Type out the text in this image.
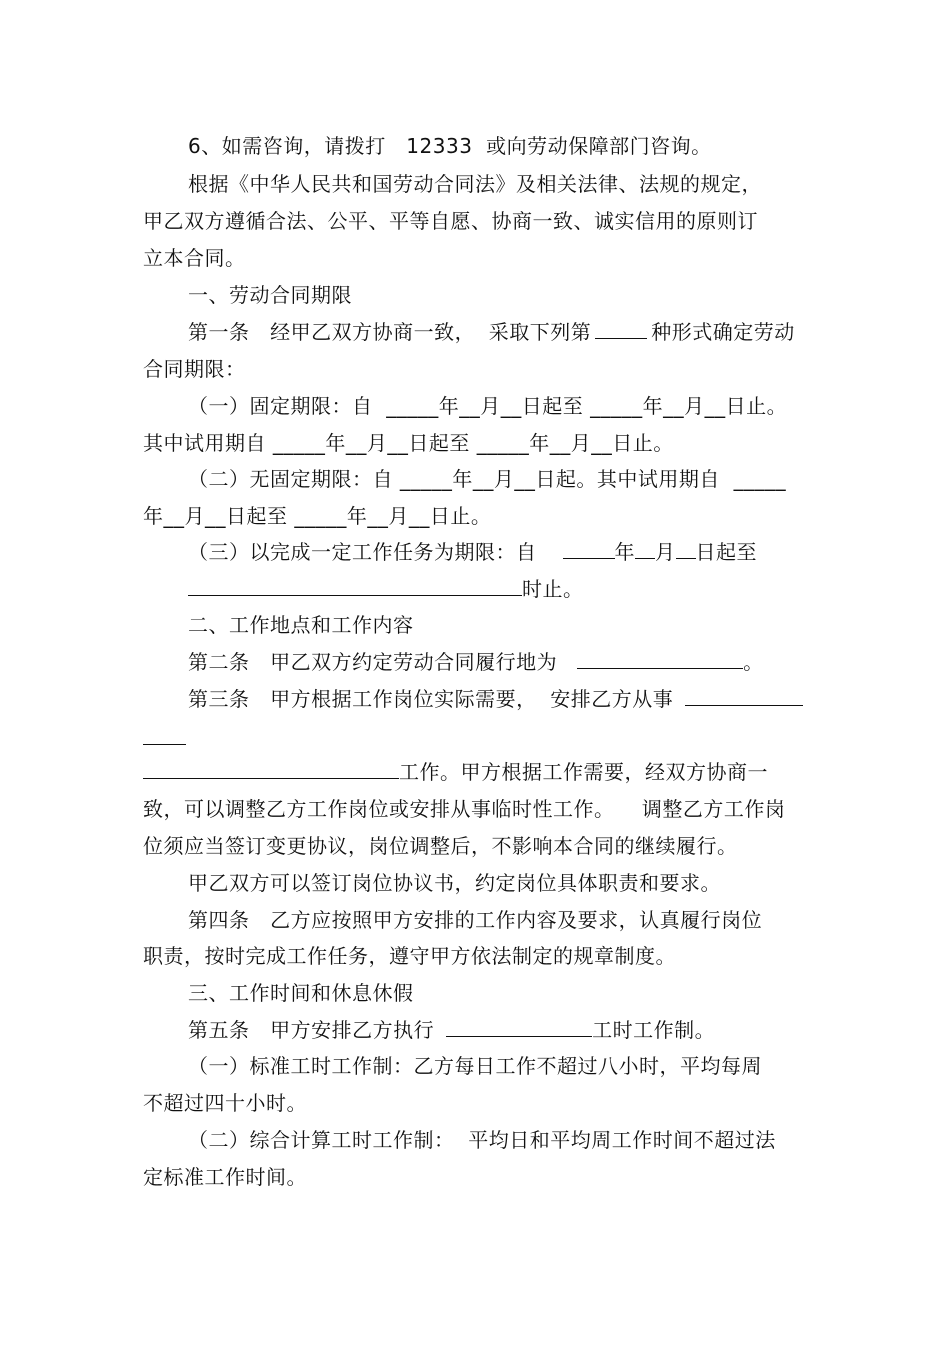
6、如需咨询，请拨打   12333  或向劳动保障部门咨询。
根据《中华人民共和国劳动合同法》及相关法律、法规的规定，
甲乙双方遵循合法、公平、平等自愿、协商一致、诚实信用的原则订
立本合同。
一、劳动合同期限
第一条   经甲乙双方协商一致，  采取下列第	种形式确定劳动
合同期限：
（一）固定期限：自  _____年__月__日起至 _____年__月__日止。
其中试用期自 _____年__月__日起至 _____年__月__日止。
（二）无固定期限：自 _____年__月__日起。其中试用期自  _____
年__月__日起至 _____年__月__日止。
（三）以完成一定工作任务为期限：自	年 月 日起至
时止。
二、工作地点和工作内容
第二条   甲乙双方约定劳动合同履行地为	。
第三条   甲方根据工作岗位实际需要，  安排乙方从事
工作。甲方根据工作需要，经双方协商一
致，可以调整乙方工作岗位或安排从事临时性工作。    调整乙方工作岗
位须应当签订变更协议，岗位调整后，不影响本合同的继续履行。
甲乙双方可以签订岗位协议书，约定岗位具体职责和要求。
第四条   乙方应按照甲方安排的工作内容及要求，认真履行岗位
职责，按时完成工作任务，遵守甲方依法制定的规章制度。
三、工作时间和休息休假
第五条   甲方安排乙方执行	工时工作制。
（一）标准工时工作制：乙方每日工作不超过八小时，平均每周
不超过四十小时。
（二）综合计算工时工作制：  平均日和平均周工作时间不超过法
定标准工作时间。
